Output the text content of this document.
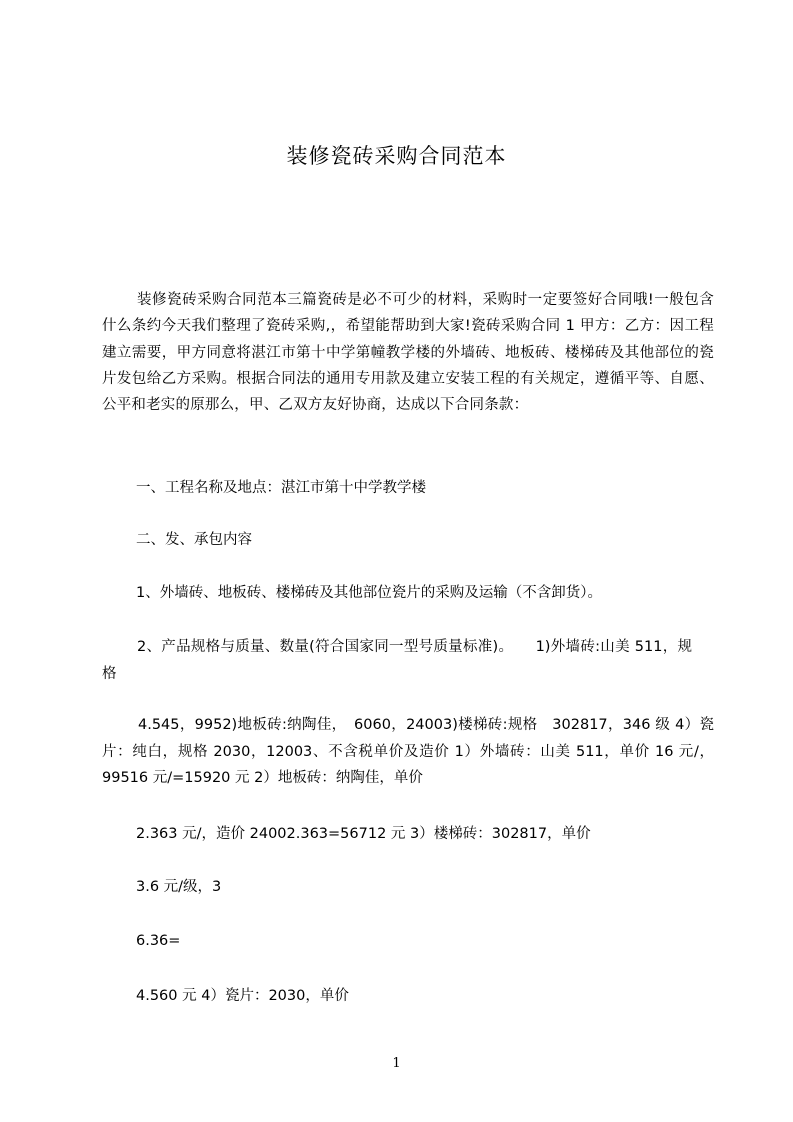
装修瓷砖采购合同范本

装修瓷砖采购合同范本三篇瓷砖是必不可少的材料，采购时一定要签好合同哦!一般包含什么条约今天我们整理了瓷砖采购,，希望能帮助到大家!瓷砖采购合同 1 甲方：乙方：因工程建立需要，甲方同意将湛江市第十中学第幢教学楼的外墙砖、地板砖、楼梯砖及其他部位的瓷片发包给乙方采购。根据合同法的通用专用款及建立安装工程的有关规定，遵循平等、自愿、公平和老实的原那么，甲、乙双方友好协商，达成以下合同条款：

一、工程名称及地点：湛江市第十中学教学楼

二、发、承包内容

1、外墙砖、地板砖、楼梯砖及其他部位瓷片的采购及运输（不含卸货）。

2、产品规格与质量、数量(符合国家同一型号质量标准)。　　1)外墙砖:山美 511，规格

4.545，9952)地板砖:纳陶佳，　6060，24003)楼梯砖:规格　302817，346 级 4）瓷片：纯白，规格 2030，12003、不含税单价及造价 1）外墙砖：山美 511，单价 16 元/，99516 元/=15920 元 2）地板砖：纳陶佳，单价

2.363 元/，造价 24002.363=56712 元 3）楼梯砖：302817，单价

3.6 元/级，3

6.36=

4.560 元 4）瓷片：2030，单价

1
